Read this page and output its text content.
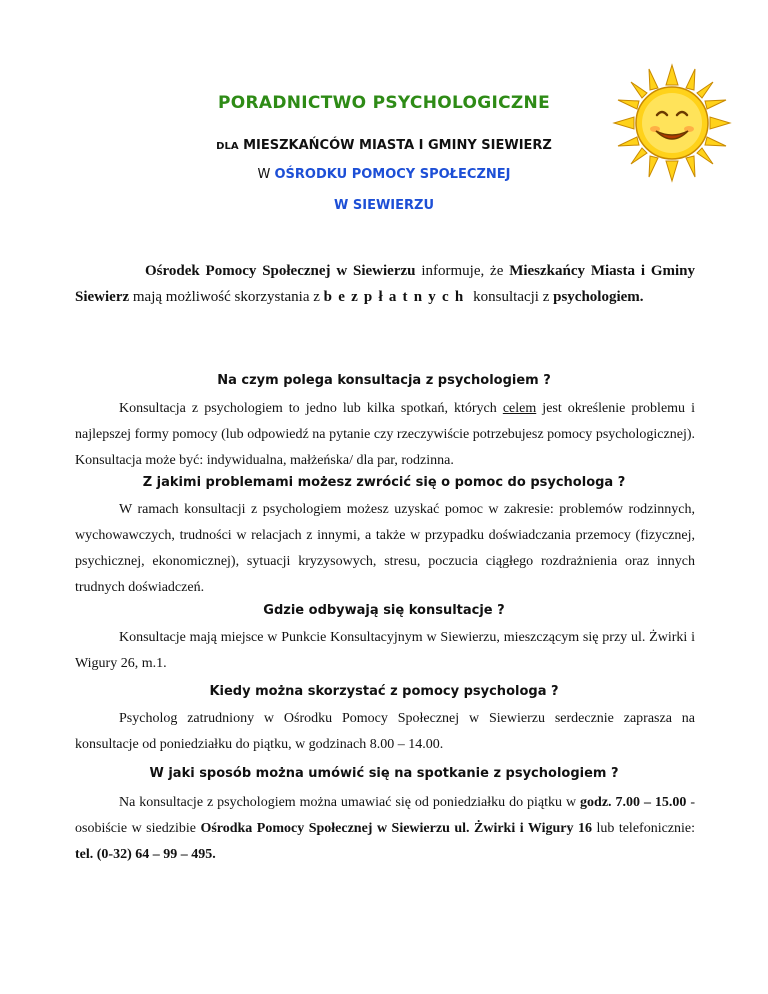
PORADNICTWO PSYCHOLOGICZNE
DLA MIESZKAŃCÓW MIASTA I GMINY SIEWIERZ
W OŚRODKU POMOCY SPOŁECZNEJ
W SIEWIERZU

Ośrodek Pomocy Społecznej w Siewierzu informuje, że Mieszkańcy Miasta i Gminy Siewierz mają możliwość skorzystania z bezpłatnych konsultacji z psychologiem.

Na czym polega konsultacja z psychologiem ?

Konsultacja z psychologiem to jedno lub kilka spotkań, których celem jest określenie problemu i najlepszej formy pomocy (lub odpowiedź na pytanie czy rzeczywiście potrzebujesz pomocy psychologicznej). Konsultacja może być: indywidualna, małżeńska/ dla par, rodzinna.

Z jakimi problemami możesz zwrócić się o pomoc do psychologa ?

W ramach konsultacji z psychologiem możesz uzyskać pomoc w zakresie: problemów rodzinnych, wychowawczych, trudności w relacjach z innymi, a także w przypadku doświadczania przemocy (fizycznej, psychicznej, ekonomicznej), sytuacji kryzysowych, stresu, poczucia ciągłego rozdrażnienia oraz innych trudnych doświadczeń.

Gdzie odbywają się konsultacje ?

Konsultacje mają miejsce w Punkcie Konsultacyjnym w Siewierzu, mieszczącym się przy ul. Żwirki i Wigury 26, m.1.

Kiedy można skorzystać z pomocy psychologa ?

Psycholog zatrudniony w Ośrodku Pomocy Społecznej w Siewierzu serdecznie zaprasza na konsultacje od poniedziałku do piątku, w godzinach 8.00 – 14.00.

W jaki sposób można umówić się na spotkanie z psychologiem ?

Na konsultacje z psychologiem można umawiać się od poniedziałku do piątku w godz. 7.00 – 15.00 - osobiście w siedzibie Ośrodka Pomocy Społecznej w Siewierzu ul. Żwirki i Wigury 16 lub telefonicznie: tel. (0-32) 64 – 99 – 495.
